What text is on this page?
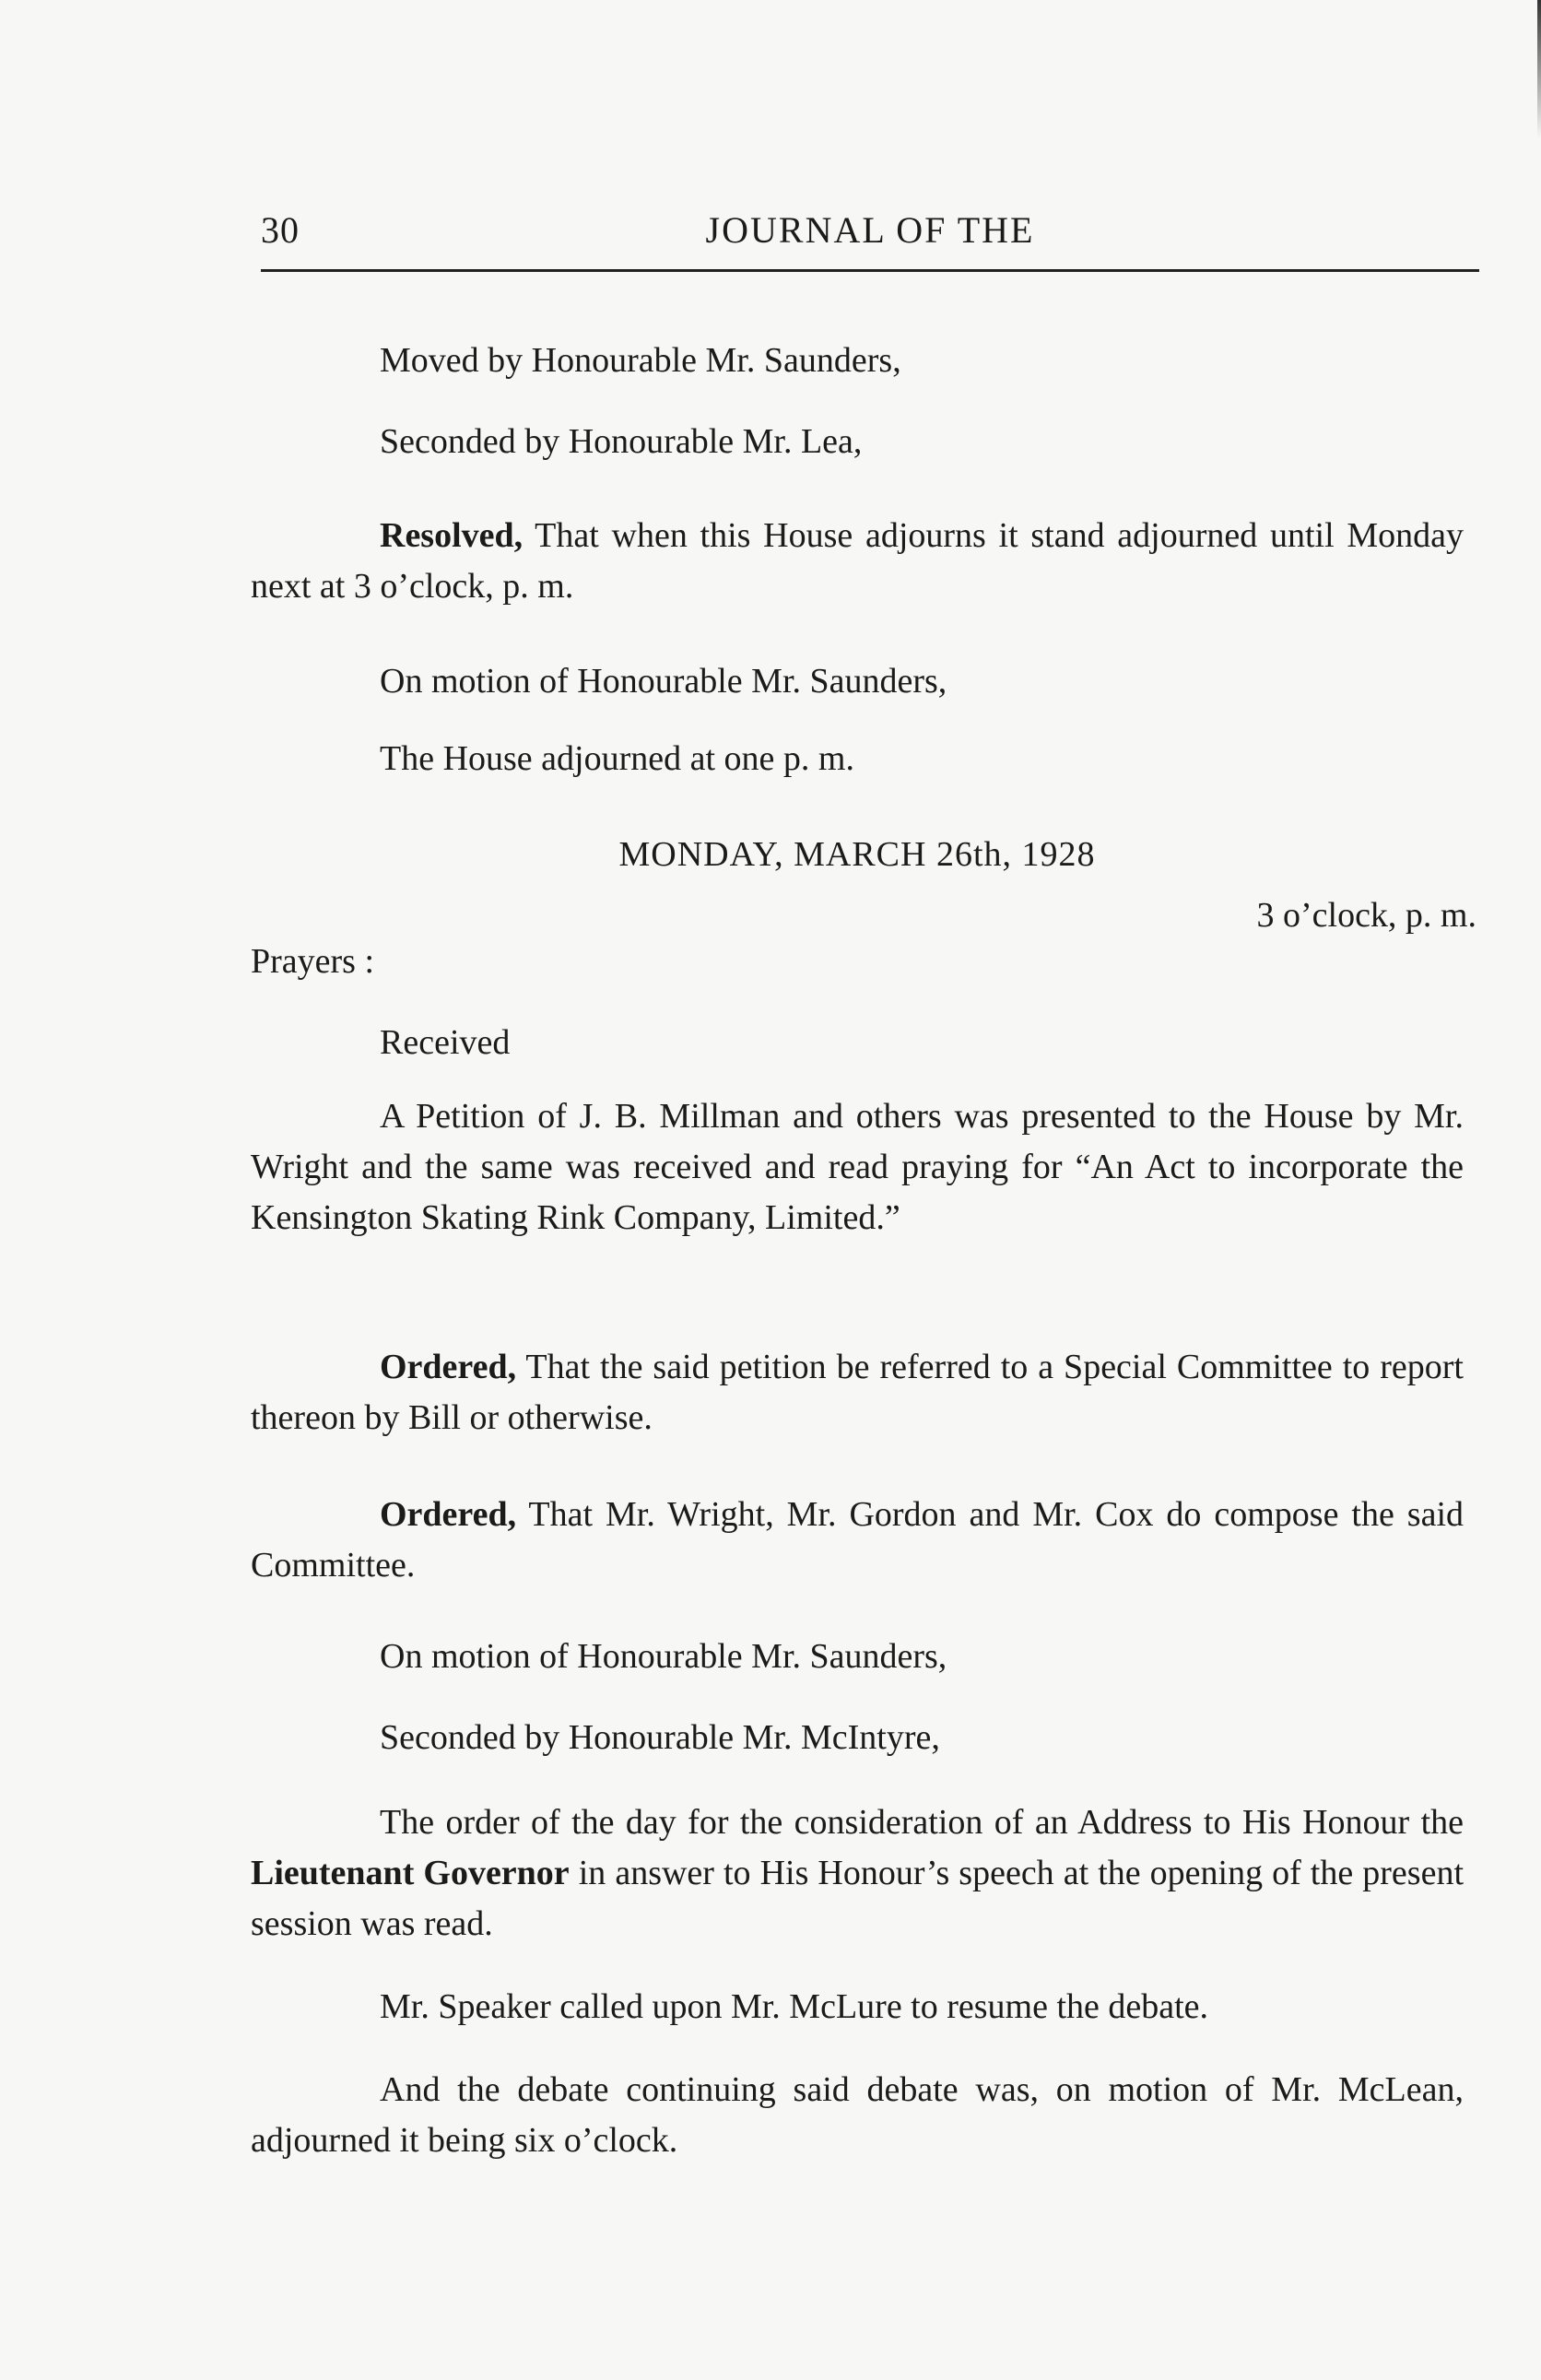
30	JOURNAL OF THE
Moved by Honourable Mr. Saunders,
Seconded by Honourable Mr. Lea,
Resolved, That when this House adjourns it stand adjourned until Monday next at 3 o’clock, p. m.
On motion of Honourable Mr. Saunders,
The House adjourned at one p. m.
MONDAY, MARCH 26th, 1928
3 o’clock, p. m.
Prayers :
Received
A Petition of J. B. Millman and others was presented to the House by Mr. Wright and the same was received and read praying for “An Act to incorporate the Kensington Skating Rink Company, Limited.”
Ordered, That the said petition be referred to a Special Committee to report thereon by Bill or otherwise.
Ordered, That Mr. Wright, Mr. Gordon and Mr. Cox do compose the said Committee.
On motion of Honourable Mr. Saunders,
Seconded by Honourable Mr. McIntyre,
The order of the day for the consideration of an Address to His Honour the Lieutenant Governor in answer to His Honour’s speech at the opening of the present session was read.
Mr. Speaker called upon Mr. McLure to resume the debate.
And the debate continuing said debate was, on motion of Mr. McLean, adjourned it being six o’clock.
